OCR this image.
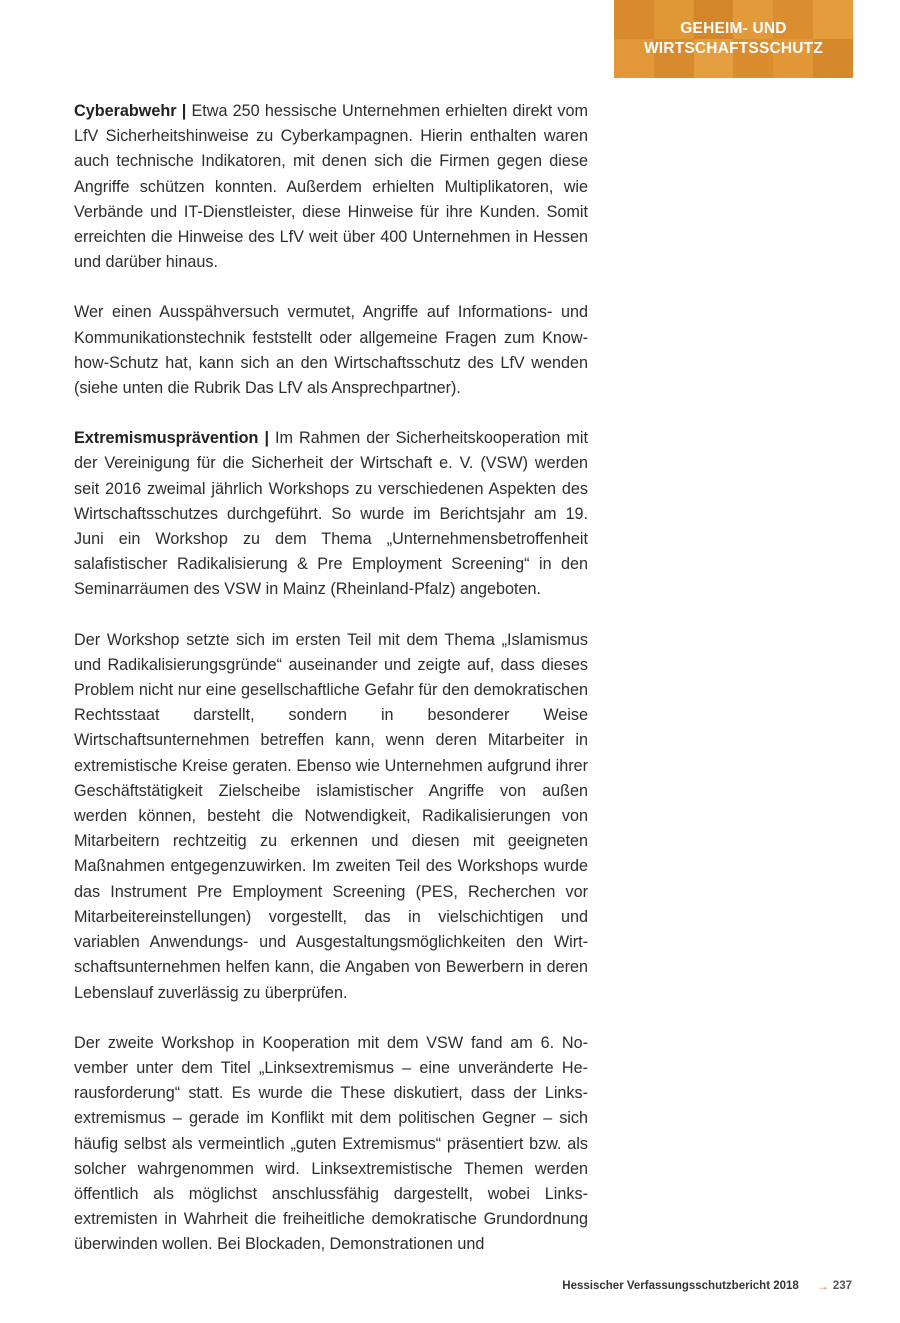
GEHEIM- UND
WIRTSCHAFTSSCHUTZ

Cyberabwehr | Etwa 250 hessische Unternehmen erhielten direkt vom LfV Sicherheitshinweise zu Cyberkampagnen. Hierin enthalten waren auch technische Indikatoren, mit denen sich die Firmen gegen diese Angriffe schützen konnten. Außerdem erhielten Multiplikatoren, wie Verbände und IT-Dienstleister, diese Hinweise für ihre Kunden. Somit erreichten die Hinweise des LfV weit über 400 Unternehmen in Hessen und darüber hinaus.

Wer einen Ausspähversuch vermutet, Angriffe auf Informations- und Kommunikationstechnik feststellt oder allgemeine Fragen zum Know-how-Schutz hat, kann sich an den Wirtschaftsschutz des LfV wenden (siehe unten die Rubrik Das LfV als Ansprechpartner).

Extremismusprävention | Im Rahmen der Sicherheitskooperation mit der Vereinigung für die Sicherheit der Wirtschaft e. V. (VSW) werden seit 2016 zweimal jährlich Workshops zu verschiedenen Aspekten des Wirtschaftsschutzes durchgeführt. So wurde im Berichtsjahr am 19. Juni ein Workshop zu dem Thema „Unternehmensbetroffenheit salafistischer Radikalisierung & Pre Employment Screening“ in den Seminarräumen des VSW in Mainz (Rheinland-Pfalz) angeboten.

Der Workshop setzte sich im ersten Teil mit dem Thema „Islamismus und Radikalisierungsgründe“ auseinander und zeigte auf, dass dieses Problem nicht nur eine gesellschaftliche Gefahr für den demokratischen Rechtsstaat darstellt, sondern in besonderer Weise Wirtschaftsunternehmen betreffen kann, wenn deren Mitarbeiter in extremistische Kreise geraten. Ebenso wie Unternehmen aufgrund ihrer Geschäftstätigkeit Zielscheibe islamistischer Angriffe von außen werden können, besteht die Notwendigkeit, Radikalisierungen von Mitarbeitern rechtzeitig zu erkennen und diesen mit geeigneten Maßnahmen entgegenzuwirken. Im zweiten Teil des Workshops wurde das Instrument Pre Employment Screening (PES, Recherchen vor Mitarbeitereinstellungen) vorgestellt, das in vielschichtigen und variablen Anwendungs- und Ausgestaltungsmöglichkeiten den Wirtschaftsunternehmen helfen kann, die Angaben von Bewerbern in deren Lebenslauf zuverlässig zu überprüfen.

Der zweite Workshop in Kooperation mit dem VSW fand am 6. November unter dem Titel „Linksextremismus – eine unveränderte Herausforderung“ statt. Es wurde die These diskutiert, dass der Linksextremismus – gerade im Konflikt mit dem politischen Gegner – sich häufig selbst als vermeintlich „guten Extremismus“ präsentiert bzw. als solcher wahrgenommen wird. Linksextremistische Themen werden öffentlich als möglichst anschlussfähig dargestellt, wobei Linksextremisten in Wahrheit die freiheitliche demokratische Grundordnung überwinden wollen. Bei Blockaden, Demonstrationen und

Hessischer Verfassungsschutzbericht 2018 → 237
